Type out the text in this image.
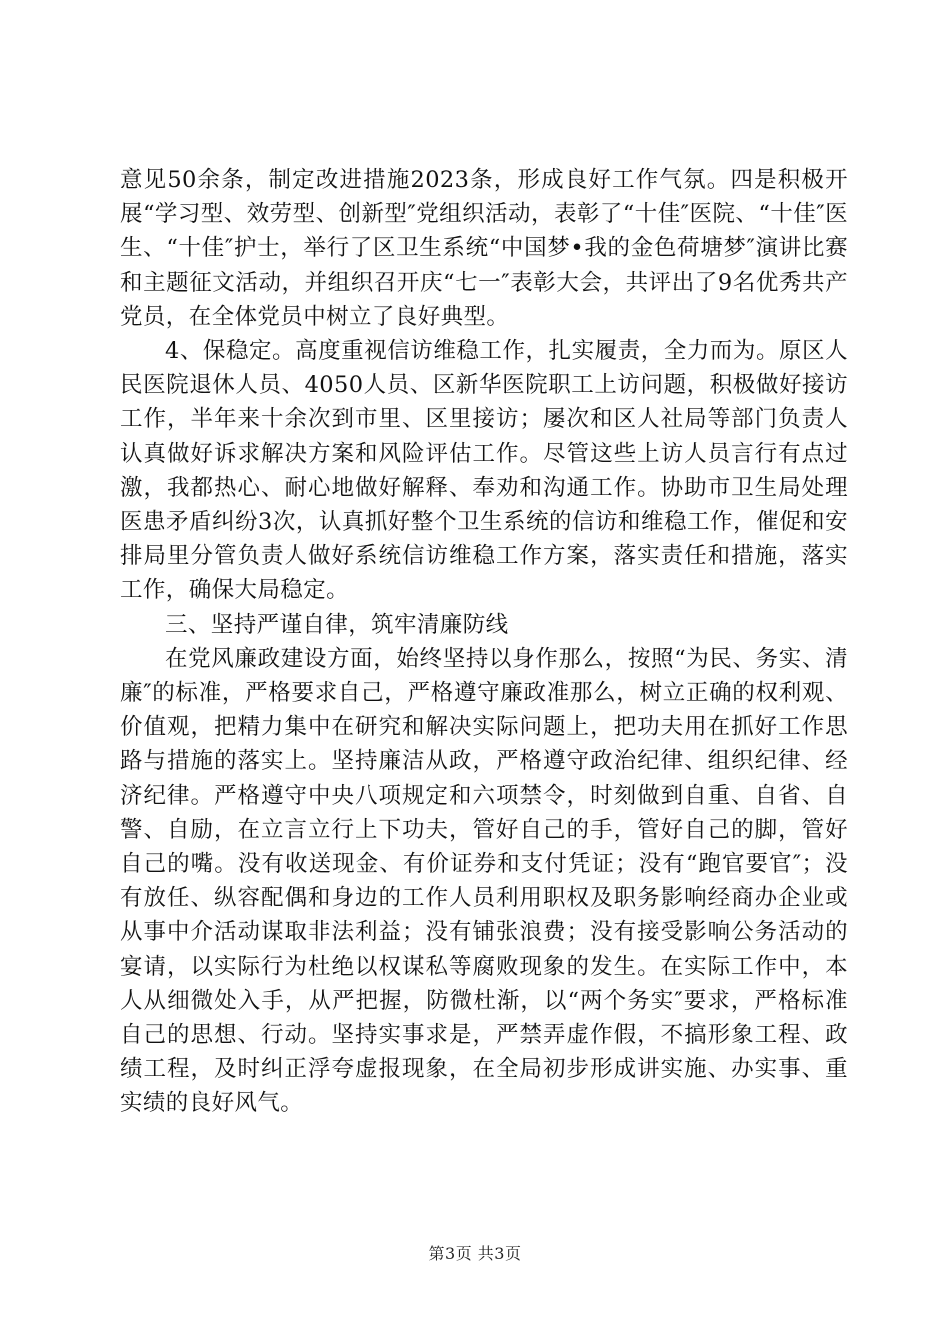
意见50余条，制定改进措施2023条，形成良好工作气氛。四是积极开展“学习型、效劳型、创新型″党组织活动，表彰了“十佳″医院、“十佳″医生、“十佳″护士，举行了区卫生系统“中国梦•我的金色荷塘梦″演讲比赛和主题征文活动，并组织召开庆“七一″表彰大会，共评出了9名优秀共产党员，在全体党员中树立了良好典型。

4、保稳定。高度重视信访维稳工作，扎实履责，全力而为。原区人民医院退休人员、4050人员、区新华医院职工上访问题，积极做好接访工作，半年来十余次到市里、区里接访；屡次和区人社局等部门负责人认真做好诉求解决方案和风险评估工作。尽管这些上访人员言行有点过激，我都热心、耐心地做好解释、奉劝和沟通工作。协助市卫生局处理医患矛盾纠纷3次，认真抓好整个卫生系统的信访和维稳工作，催促和安排局里分管负责人做好系统信访维稳工作方案，落实责任和措施，落实工作，确保大局稳定。

三、坚持严谨自律，筑牢清廉防线

在党风廉政建设方面，始终坚持以身作那么，按照“为民、务实、清廉″的标准，严格要求自己，严格遵守廉政准那么，树立正确的权利观、价值观，把精力集中在研究和解决实际问题上，把功夫用在抓好工作思路与措施的落实上。坚持廉洁从政，严格遵守政治纪律、组织纪律、经济纪律。严格遵守中央八项规定和六项禁令，时刻做到自重、自省、自警、自励，在立言立行上下功夫，管好自己的手，管好自己的脚，管好自己的嘴。没有收送现金、有价证券和支付凭证；没有“跑官要官″；没有放任、纵容配偶和身边的工作人员利用职权及职务影响经商办企业或从事中介活动谋取非法利益；没有铺张浪费；没有接受影响公务活动的宴请，以实际行为杜绝以权谋私等腐败现象的发生。在实际工作中，本人从细微处入手，从严把握，防微杜渐，以“两个务实″要求，严格标准自己的思想、行动。坚持实事求是，严禁弄虚作假，不搞形象工程、政绩工程，及时纠正浮夸虚报现象，在全局初步形成讲实施、办实事、重实绩的良好风气。

第3页 共3页
